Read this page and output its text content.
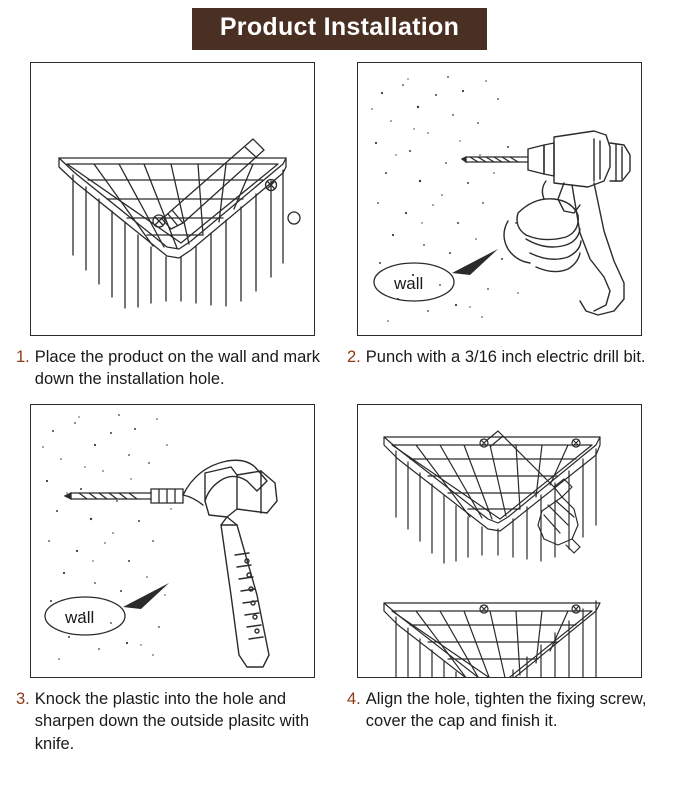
Product Installation
1. Place the product on the wall and mark down the installation hole.
wall
2. Punch with a 3/16 inch electric drill bit.
wall
3. Knock the plastic into the hole and sharpen down the outside plasitc with knife.
4. Align the hole, tighten the fixing screw, cover the cap and finish it.
